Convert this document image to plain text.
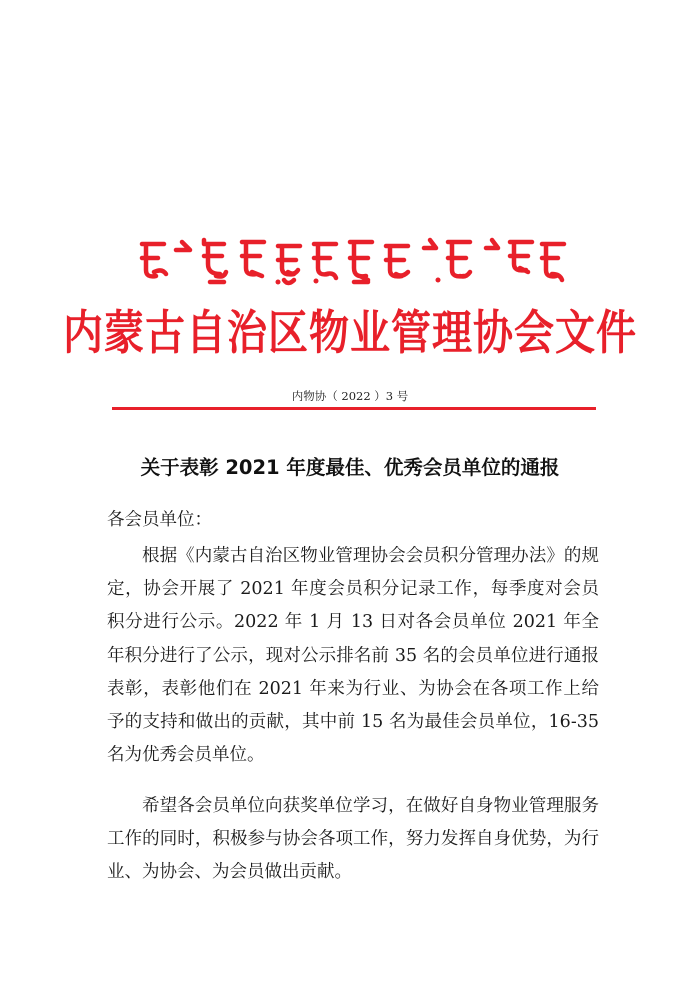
内蒙古自治区物业管理协会文件
内物协（ 2022 ）3 号
关于表彰 2021 年度最佳、优秀会员单位的通报
各会员单位：

根据《内蒙古自治区物业管理协会会员积分管理办法》的规定，协会开展了 2021 年度会员积分记录工作，每季度对会员积分进行公示。2022 年 1 月 13 日对各会员单位 2021 年全年积分进行了公示，现对公示排名前 35 名的会员单位进行通报表彰，表彰他们在 2021 年来为行业、为协会在各项工作上给予的支持和做出的贡献，其中前 15 名为最佳会员单位，16-35 名为优秀会员单位。

希望各会员单位向获奖单位学习，在做好自身物业管理服务工作的同时，积极参与协会各项工作，努力发挥自身优势，为行业、为协会、为会员做出贡献。
